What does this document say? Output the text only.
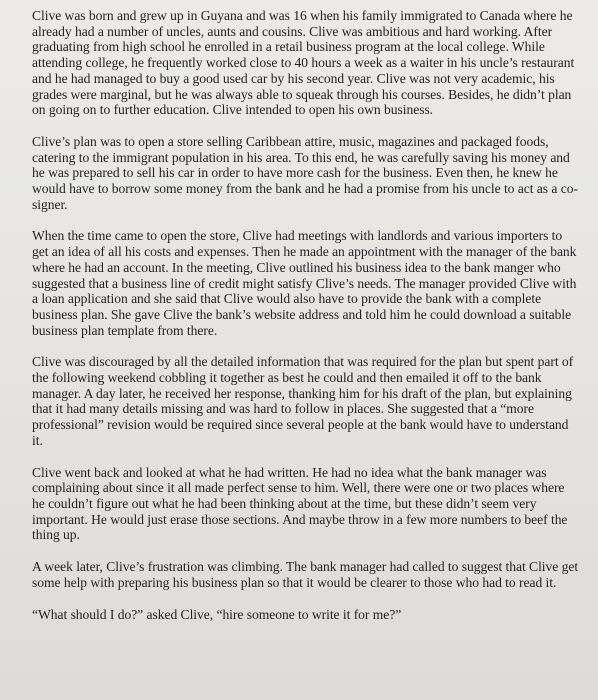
Clive was born and grew up in Guyana and was 16 when his family immigrated to Canada where he already had a number of uncles, aunts and cousins. Clive was ambitious and hard working. After graduating from high school he enrolled in a retail business program at the local college. While attending college, he frequently worked close to 40 hours a week as a waiter in his uncle’s restaurant and he had managed to buy a good used car by his second year. Clive was not very academic, his grades were marginal, but he was always able to squeak through his courses. Besides, he didn’t plan on going on to further education. Clive intended to open his own business.

Clive’s plan was to open a store selling Caribbean attire, music, magazines and packaged foods, catering to the immigrant population in his area. To this end, he was carefully saving his money and he was prepared to sell his car in order to have more cash for the business. Even then, he knew he would have to borrow some money from the bank and he had a promise from his uncle to act as a co-signer.

When the time came to open the store, Clive had meetings with landlords and various importers to get an idea of all his costs and expenses. Then he made an appointment with the manager of the bank where he had an account. In the meeting, Clive outlined his business idea to the bank manger who suggested that a business line of credit might satisfy Clive’s needs. The manager provided Clive with a loan application and she said that Clive would also have to provide the bank with a complete business plan. She gave Clive the bank’s website address and told him he could download a suitable business plan template from there.

Clive was discouraged by all the detailed information that was required for the plan but spent part of the following weekend cobbling it together as best he could and then emailed it off to the bank manager. A day later, he received her response, thanking him for his draft of the plan, but explaining that it had many details missing and was hard to follow in places. She suggested that a “more professional” revision would be required since several people at the bank would have to understand it.

Clive went back and looked at what he had written. He had no idea what the bank manager was complaining about since it all made perfect sense to him. Well, there were one or two places where he couldn’t figure out what he had been thinking about at the time, but these didn’t seem very important. He would just erase those sections. And maybe throw in a few more numbers to beef the thing up.

A week later, Clive’s frustration was climbing. The bank manager had called to suggest that Clive get some help with preparing his business plan so that it would be clearer to those who had to read it.

“What should I do?” asked Clive, “hire someone to write it for me?”
